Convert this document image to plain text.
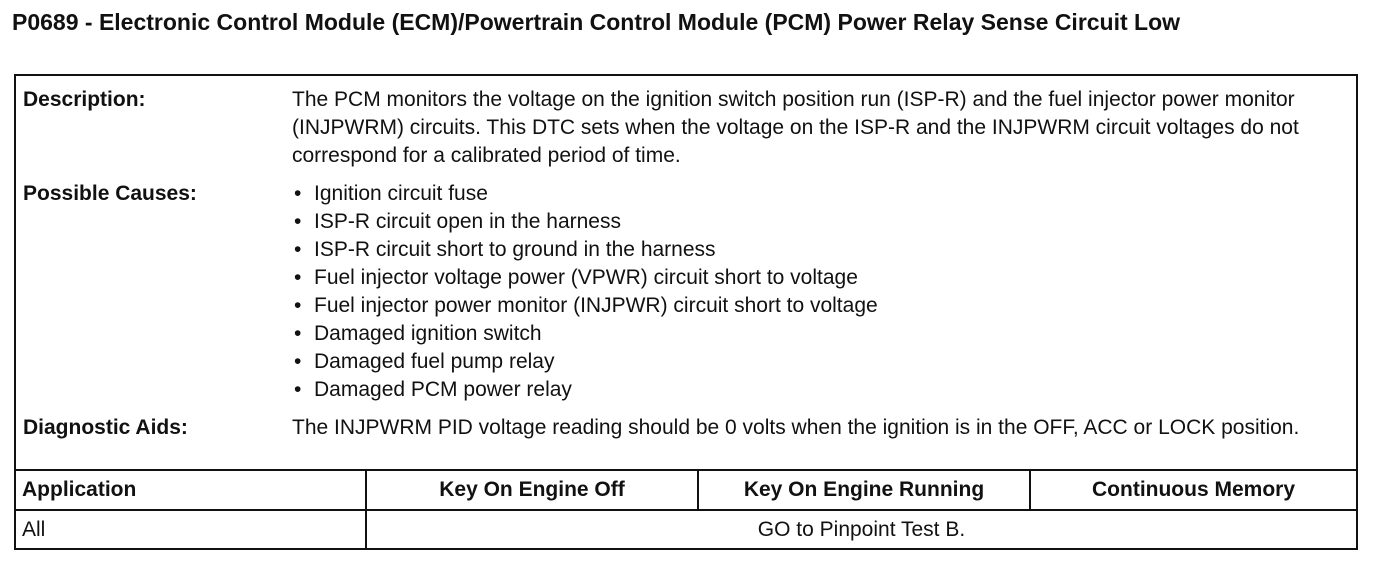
P0689 - Electronic Control Module (ECM)/Powertrain Control Module (PCM) Power Relay Sense Circuit Low
Description:	The PCM monitors the voltage on the ignition switch position run (ISP-R) and the fuel injector power monitor (INJPWRM) circuits. This DTC sets when the voltage on the ISP-R and the INJPWRM circuit voltages do not correspond for a calibrated period of time.
Possible Causes:	• Ignition circuit fuse
• ISP-R circuit open in the harness
• ISP-R circuit short to ground in the harness
• Fuel injector voltage power (VPWR) circuit short to voltage
• Fuel injector power monitor (INJPWR) circuit short to voltage
• Damaged ignition switch
• Damaged fuel pump relay
• Damaged PCM power relay
Diagnostic Aids:	The INJPWRM PID voltage reading should be 0 volts when the ignition is in the OFF, ACC or LOCK position.
Application	Key On Engine Off	Key On Engine Running	Continuous Memory
All	GO to Pinpoint Test B.		
